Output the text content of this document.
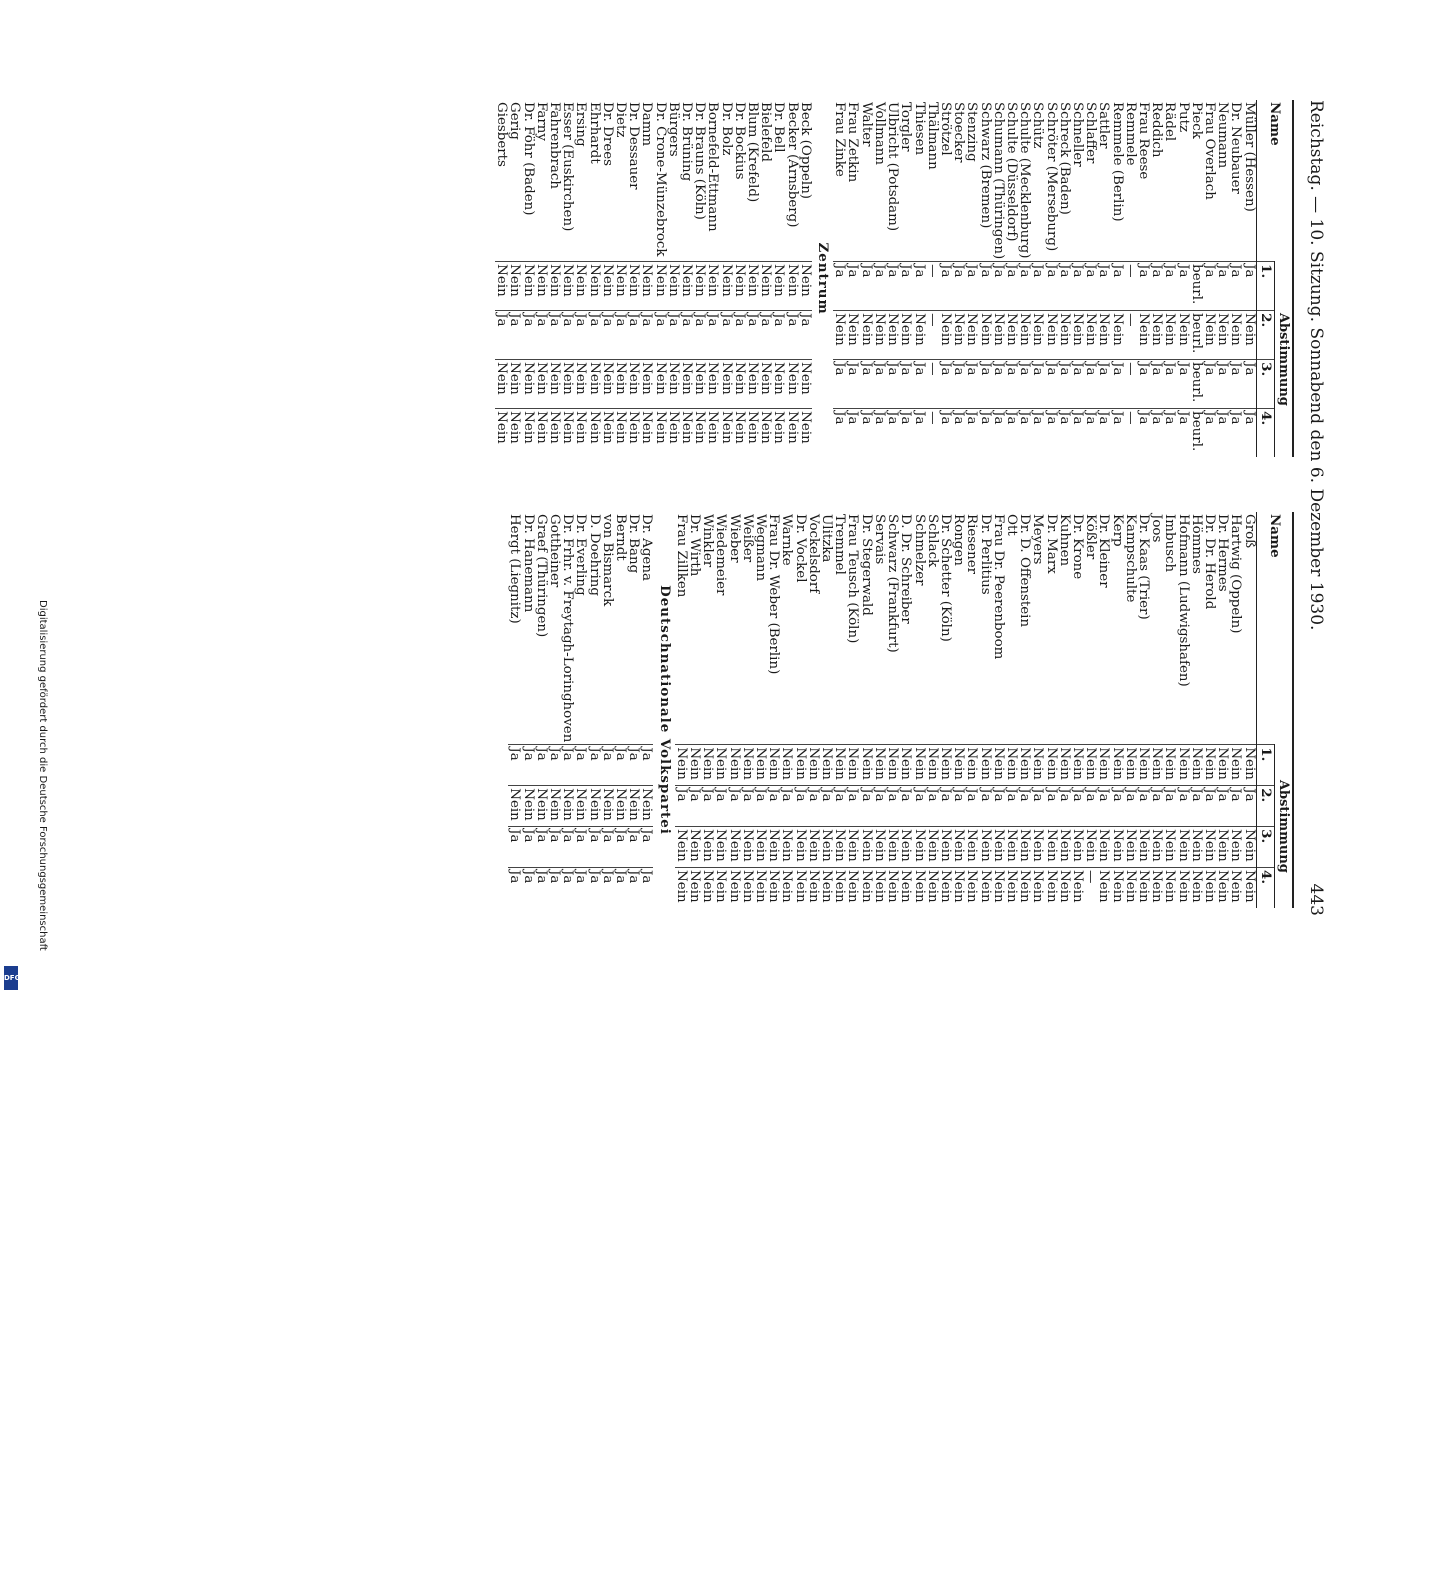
Digitalisierung gefördert durch die Deutsche Forschungsgemeinschaft
DFG
Reichstag. — 10. Sitzung. Sonnabend den 6. Dezember 1930.
443
Name	Abstimmung			
	1.	2.	3.	4.
Müller (Hessen)	Ja	Nein	Ja	Ja
Dr. Neubauer	Ja	Nein	Ja	Ja
Neumann	Ja	Nein	Ja	Ja
Frau Overlach	Ja	Nein	Ja	Ja
Pieck	beurl.	beurl.	beurl.	beurl.
Putz	Ja	Nein	Ja	Ja
Rädel	Ja	Nein	Ja	Ja
Reddich	Ja	Nein	Ja	Ja
Frau Reese	Ja	Nein	Ja	Ja
Remmele	—	—	—	—
Remmele (Berlin)	Ja	Nein	Ja	Ja
Sattler	Ja	Nein	Ja	Ja
Schlaffer	Ja	Nein	Ja	Ja
Schneller	Ja	Nein	Ja	Ja
Schreck (Baden)	Ja	Nein	Ja	Ja
Schröter (Merseburg)	Ja	Nein	Ja	Ja
Schütz	Ja	Nein	Ja	Ja
Schulte (Mecklenburg)	Ja	Nein	Ja	Ja
Schulte (Düsseldorf)	Ja	Nein	Ja	Ja
Schumann (Thüringen)	Ja	Nein	Ja	Ja
Schwarz (Bremen)	Ja	Nein	Ja	Ja
Stenzing	Ja	Nein	Ja	Ja
Stoecker	Ja	Nein	Ja	Ja
Strötzel	Ja	Nein	Ja	Ja
Thälmann	—	—	—	—
Thiesen	Ja	Nein	Ja	Ja
Torgler	Ja	Nein	Ja	Ja
Ulbricht (Potsdam)	Ja	Nein	Ja	Ja
Vollmann	Ja	Nein	Ja	Ja
Walter	Ja	Nein	Ja	Ja
Frau Zetkin	Ja	Nein	Ja	Ja
Frau Zinke	Ja	Nein	Ja	Ja
Zentrum				
Beck (Oppeln)	Nein	Ja	Nein	Nein
Becker (Arnsberg)	Nein	Ja	Nein	Nein
Dr. Bell	Nein	Ja	Nein	Nein
Bielefeld	Nein	Ja	Nein	Nein
Blum (Krefeld)	Nein	Ja	Nein	Nein
Dr. Bockius	Nein	Ja	Nein	Nein
Dr. Bolz	Nein	Ja	Nein	Nein
Bornefeld-Ettmann	Nein	Ja	Nein	Nein
Dr. Brauns (Köln)	Nein	Ja	Nein	Nein
Dr. Brüning	Nein	Ja	Nein	Nein
Bürgers	Nein	Ja	Nein	Nein
Dr. Crone-Münzebrock	Nein	Ja	Nein	Nein
Damm	Nein	Ja	Nein	Nein
Dr. Dessauer	Nein	Ja	Nein	Nein
Dietz	Nein	Ja	Nein	Nein
Dr. Drees	Nein	Ja	Nein	Nein
Ehrhardt	Nein	Ja	Nein	Nein
Ersing	Nein	Ja	Nein	Nein
Esser (Euskirchen)	Nein	Ja	Nein	Nein
Fahrenbrach	Nein	Ja	Nein	Nein
Farny	Nein	Ja	Nein	Nein
Dr. Föhr (Baden)	Nein	Ja	Nein	Nein
Gerig	Nein	Ja	Nein	Nein
Giesberts	Nein	Ja	Nein	Nein
Name	Abstimmung			
	1.	2.	3.	4.
Groß	Nein	Ja	Nein	Nein
Hartwig (Oppeln)	Nein	Ja	Nein	Nein
Dr. Hermes	Nein	Ja	Nein	Nein
Dr. Dr. Herold	Nein	Ja	Nein	Nein
Hömmes	Nein	Ja	Nein	Nein
Hofmann (Ludwigshafen)	Nein	Ja	Nein	Nein
Imbusch	Nein	Ja	Nein	Nein
Joos	Nein	Ja	Nein	Nein
Dr. Kaas (Trier)	Nein	Ja	Nein	Nein
Kampschulte	Nein	Ja	Nein	Nein
Kerp	Nein	Ja	Nein	Nein
Dr. Kleiner	Nein	Ja	Nein	Nein
Kößler	Nein	Ja	Nein	—
Dr. Krone	Nein	Ja	Nein	Nein
Kuhnen	Nein	Ja	Nein	Nein
Dr. Marx	Nein	Ja	Nein	Nein
Meyers	Nein	Ja	Nein	Nein
Dr. D. Offenstein	Nein	Ja	Nein	Nein
Ott	Nein	Ja	Nein	Nein
Frau Dr. Peerenboom	Nein	Ja	Nein	Nein
Dr. Perlitius	Nein	Ja	Nein	Nein
Riesener	Nein	Ja	Nein	Nein
Rongen	Nein	Ja	Nein	Nein
Dr. Schetter (Köln)	Nein	Ja	Nein	Nein
Schlack	Nein	Ja	Nein	Nein
Schmelzer	Nein	Ja	Nein	Nein
D. Dr. Schreiber	Nein	Ja	Nein	Nein
Schwarz (Frankfurt)	Nein	Ja	Nein	Nein
Servais	Nein	Ja	Nein	Nein
Dr. Stegerwald	Nein	Ja	Nein	Nein
Frau Teusch (Köln)	Nein	Ja	Nein	Nein
Tremmel	Nein	Ja	Nein	Nein
Ulitzka	Nein	Ja	Nein	Nein
Vockelsdorf	Nein	Ja	Nein	Nein
Dr. Vockel	Nein	Ja	Nein	Nein
Warnke	Nein	Ja	Nein	Nein
Frau Dr. Weber (Berlin)	Nein	Ja	Nein	Nein
Wegmann	Nein	Ja	Nein	Nein
Weißer	Nein	Ja	Nein	Nein
Wieber	Nein	Ja	Nein	Nein
Wiedemeier	Nein	Ja	Nein	Nein
Winkler	Nein	Ja	Nein	Nein
Dr. Wirth	Nein	Ja	Nein	Nein
Frau Zillken	Nein	Ja	Nein	Nein
Deutschnationale Volkspartei				
Dr. Agena	Ja	Nein	Ja	Ja
Dr. Bang	Ja	Nein	Ja	Ja
Berndt	Ja	Nein	Ja	Ja
von Bismarck	Ja	Nein	Ja	Ja
D. Doehring	Ja	Nein	Ja	Ja
Dr. Everling	Ja	Nein	Ja	Ja
Dr. Frhr. v. Freytagh-Loringhoven	Ja	Nein	Ja	Ja
Gottheiner	Ja	Nein	Ja	Ja
Graef (Thüringen)	Ja	Nein	Ja	Ja
Dr. Hanemann	Ja	Nein	Ja	Ja
Hergt (Liegnitz)	Ja	Nein	Ja	Ja
